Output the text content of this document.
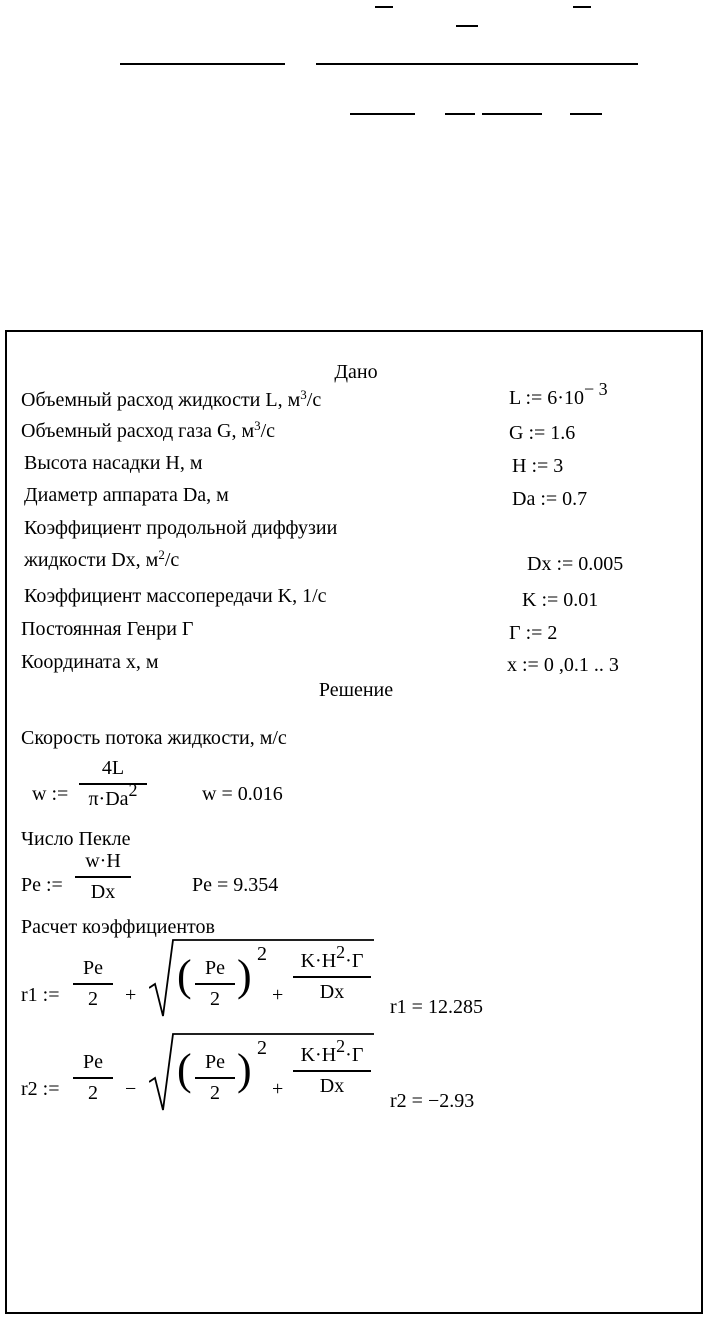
Дано
Объемный расход жидкости L, $м^3/с$	L := 6·10− 3
Объемный расход газа G, $м^3/с$	G := 1.6
Высота насадки H, м	H := 3
Диаметр аппарата Da, м	Da := 0.7
Коэффициент продольной диффузии
жидкости Dx, $м^2/с$	Dx := 0.005
Коэффициент массопередачи K, 1/с	K := 0.01
Постоянная Генри Г	Г := 2
Координата x, м	x := 0 ,0.1 .. 3
Решение
Скорость потока жидкости, м/с
w :=
4L
π·Da2	w = 0.016
Число Пекле
Pe :=
w·H
Dx	Pe = 9.354
Расчет коэффициентов
r1 :=
Pe
2	+ ( Pe
2 ) 2
+
K·H2·Г
Dx
r1 = 12.285
r2 :=
Pe
2	− ( Pe
2 ) 2
+
K·H2·Г
Dx
r2 = −2.93
